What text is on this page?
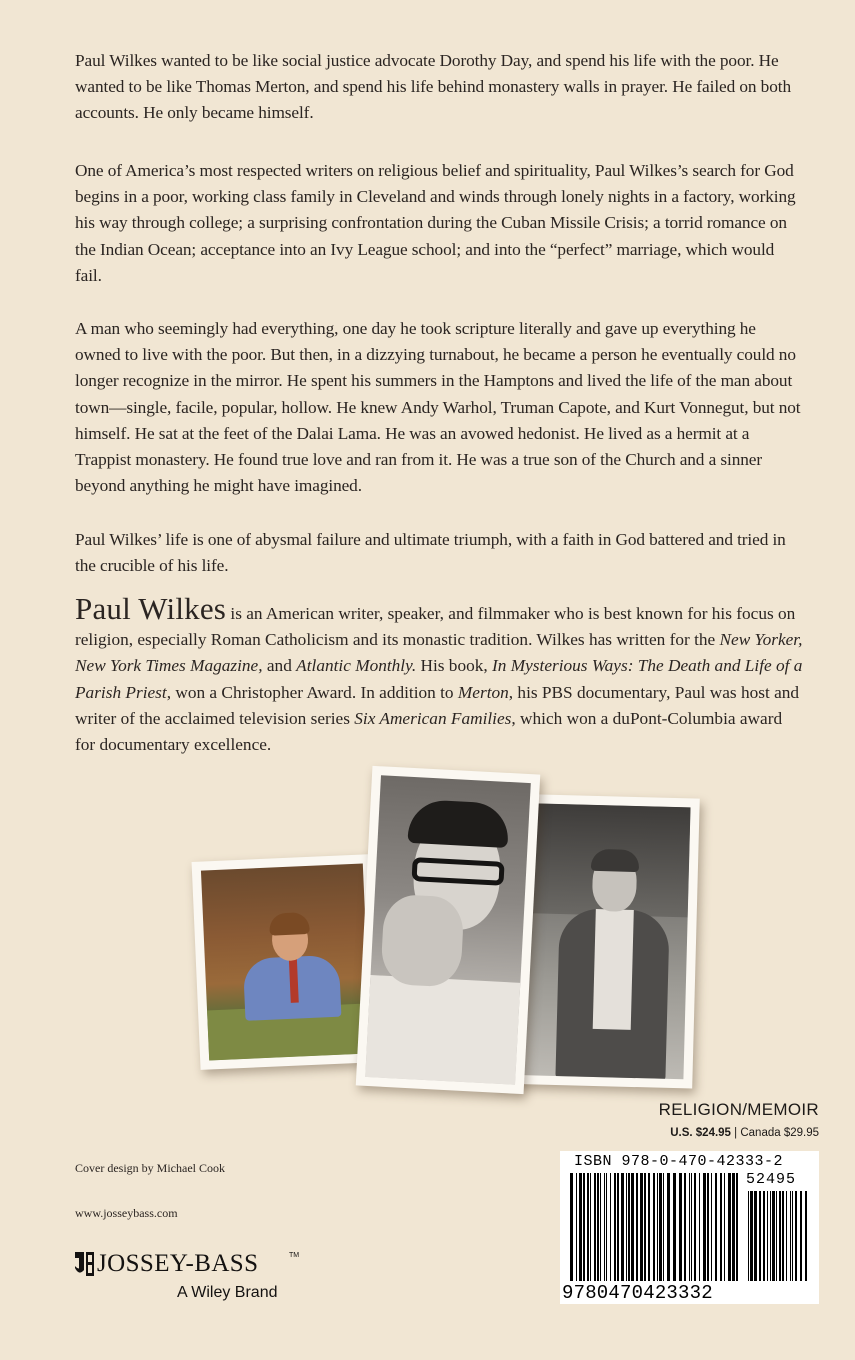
Paul Wilkes wanted to be like social justice advocate Dorothy Day, and spend his life with the poor. He wanted to be like Thomas Merton, and spend his life behind monastery walls in prayer. He failed on both accounts. He only became himself.

One of America’s most respected writers on religious belief and spirituality, Paul Wilkes’s search for God begins in a poor, working class family in Cleveland and winds through lonely nights in a factory, working his way through college; a surprising confrontation during the Cuban Missile Crisis; a torrid romance on the Indian Ocean; acceptance into an Ivy League school; and into the “perfect” marriage, which would fail.

A man who seemingly had everything, one day he took scripture literally and gave up everything he owned to live with the poor. But then, in a dizzying turnabout, he became a person he eventually could no longer recognize in the mirror. He spent his summers in the Hamptons and lived the life of the man about town—single, facile, popular, hollow. He knew Andy Warhol, Truman Capote, and Kurt Vonnegut, but not himself. He sat at the feet of the Dalai Lama. He was an avowed hedonist. He lived as a hermit at a Trappist monastery. He found true love and ran from it. He was a true son of the Church and a sinner beyond anything he might have imagined.

Paul Wilkes’ life is one of abysmal failure and ultimate triumph, with a faith in God battered and tried in the crucible of his life.

Paul Wilkes is an American writer, speaker, and filmmaker who is best known for his focus on religion, especially Roman Catholicism and its monastic tradition. Wilkes has written for the New Yorker, New York Times Magazine, and Atlantic Monthly. His book, In Mysterious Ways: The Death and Life of a Parish Priest, won a Christopher Award. In addition to Merton, his PBS documentary, Paul was host and writer of the acclaimed television series Six American Families, which won a duPont-Columbia award for documentary excellence.

RELIGION/MEMOIR
U.S. $24.95 | Canada $29.95
Cover design by Michael Cook
www.josseybass.com
JOSSEY-BASS	TM
A Wiley Brand
ISBN 978-0-470-42333-2
52495
9780470423332
